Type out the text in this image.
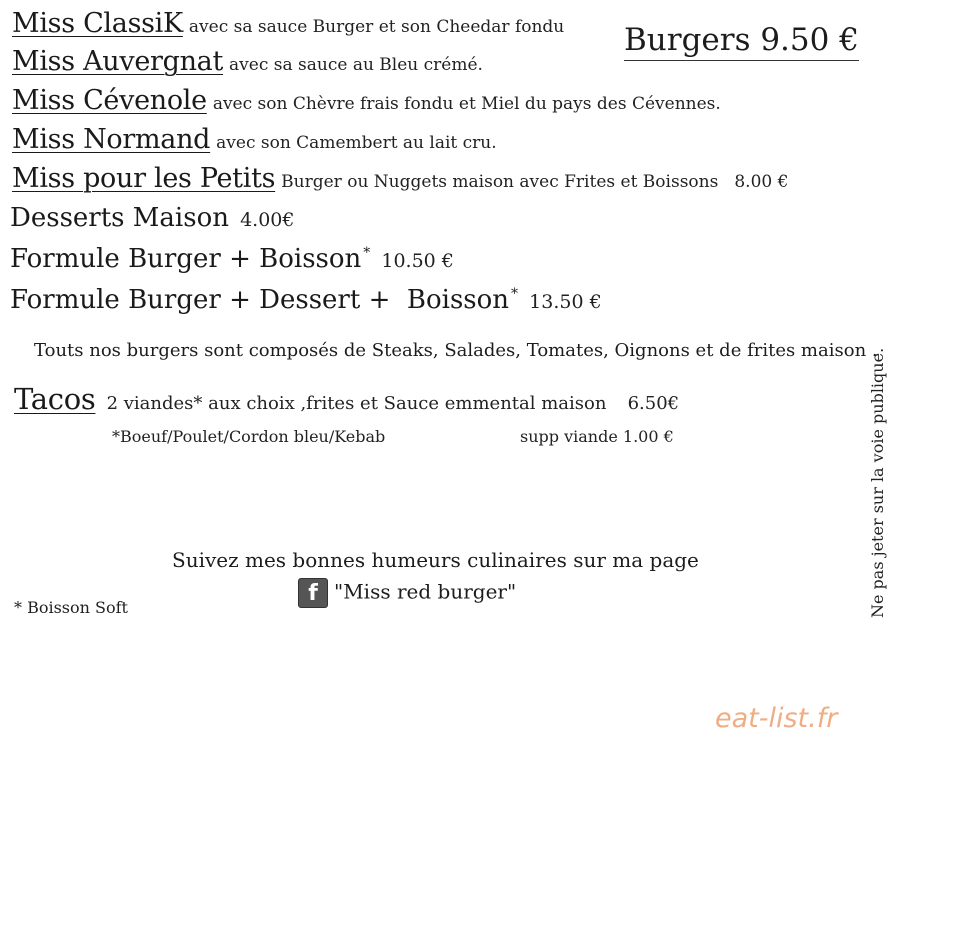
Burgers 9.50 €
Miss ClassiK avec sa sauce Burger et son Cheedar fondu
Miss Auvergnat avec sa sauce au Bleu crémé.
Miss Cévenole avec son Chèvre frais fondu et Miel du pays des Cévennes.
Miss Normand avec son Camembert au lait cru.
Miss pour les Petits Burger ou Nuggets maison avec Frites et Boissons 8.00 €
Desserts Maison 4.00€
Formule Burger + Boisson * 10.50 €
Formule Burger + Dessert +  Boisson * 13.50 €
Touts nos burgers sont composés de Steaks, Salades, Tomates, Oignons et de frites maison .
Tacos 2 viandes* aux choix ,frites et Sauce emmental maison 6.50€
*Boeuf/Poulet/Cordon bleu/Kebab	supp viande 1.00 €
Suivez mes bonnes humeurs culinaires sur ma page
f "Miss red burger"
* Boisson Soft	Ne pas jeter sur la voie publique.
eat-list.fr
